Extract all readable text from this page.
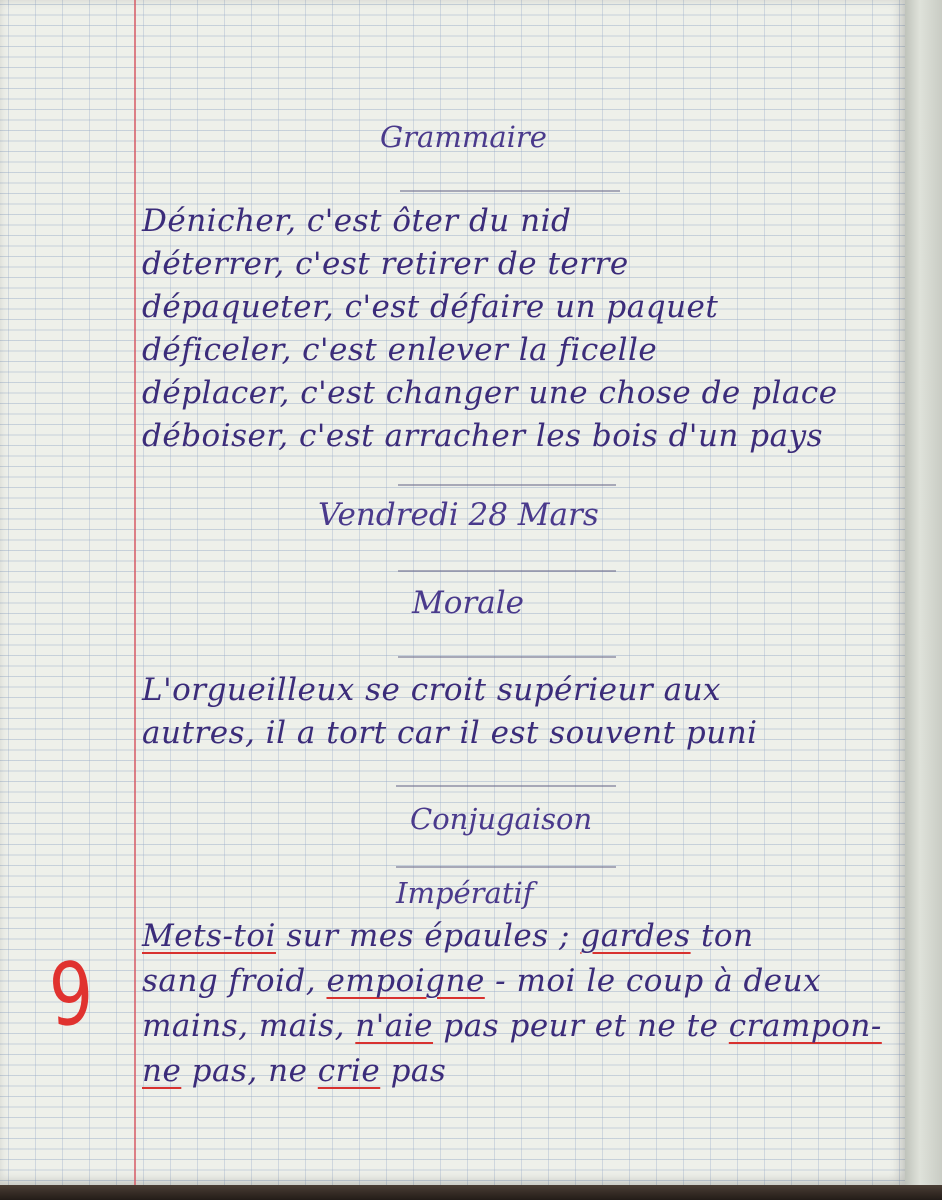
Grammaire

Dénicher, c'est ôter du nid

déterrer, c'est retirer de terre

dépaqueter, c'est défaire un paquet

déficeler, c'est enlever la ficelle

déplacer, c'est changer une chose de place

déboiser, c'est arracher les bois d'un pays

Vendredi 28 Mars

Morale

L'orgueilleux se croit supérieur aux

autres, il a tort car il est souvent puni

Conjugaison

Impératif

9

Mets-toi sur mes épaules ; gardes ton

sang froid, empoigne - moi le coup à deux

mains, mais, n'aie pas peur et ne te crampon-

ne pas, ne crie pas
